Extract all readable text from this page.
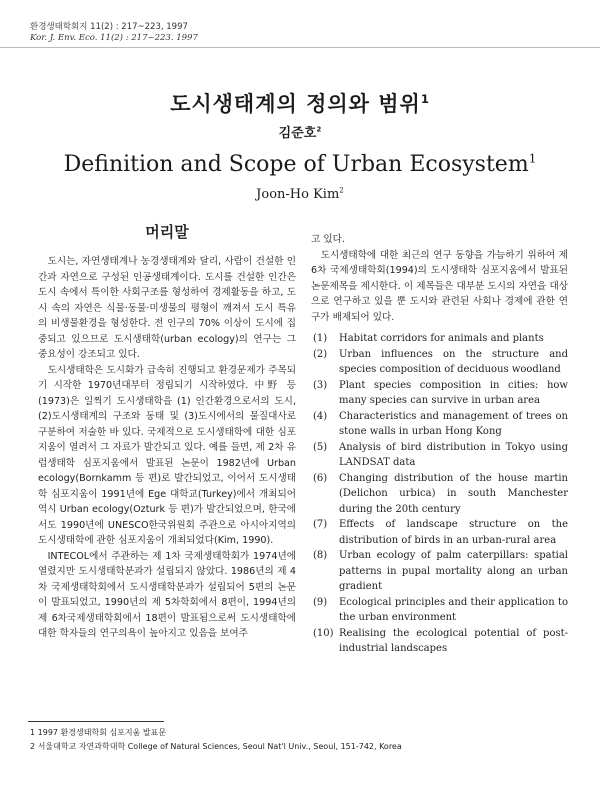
환경생태학회지 11(2) : 217~223, 1997
Kor. J. Env. Eco. 11(2) : 217~223. 1997
도시생태계의 정의와 범위$^1$
김준호$^2$
Definition and Scope of Urban Ecosystem$^1$
Joon-Ho Kim$^2$
머리말

도시는, 자연생태계나 농경생태계와 달리, 사람이 건설한 인간과 자연으로 구성된 인공생태계이다. 도시를 건설한 인간은 도시 속에서 특이한 사회구조를 형성하여 경제활동을 하고, 도시 속의 자연은 식물·동물·미생물의 평형이 깨져서 도시 특유의 비생물환경을 형성한다. 전 인구의 70% 이상이 도시에 집중되고 있으므로 도시생태학(urban ecology)의 연구는 그 중요성이 강조되고 있다.

도시생태학은 도시화가 급속히 진행되고 환경문제가 주목되기 시작한 1970년대부터 정립되기 시작하였다. 中野 등(1973)은 일찍기 도시생태학을 (1) 인간환경으로서의 도시, (2)도시생태계의 구조와 동태 및 (3)도시에서의 물질대사로 구분하여 저술한 바 있다. 국제적으로 도시생태학에 대한 심포지움이 열려서 그 자료가 발간되고 있다. 예를 들면, 제 2차 유럽생태학 심포지움에서 발표된 논문이 1982년에 Urban ecology(Bornkamm 등 편)로 발간되었고, 이어서 도시생태학 심포지움이 1991년에 Ege 대학교(Turkey)에서 개최되어 역시 Urban ecology(Ozturk 등 편)가 발간되었으며, 한국에서도 1990년에 UNESCO한국위원회 주관으로 아시아지역의 도시생태학에 관한 심포지움이 개최되었다(Kim, 1990).

INTECOL에서 주관하는 제 1차 국제생태학회가 1974년에 열렸지만 도시생태학분과가 설립되지 않았다. 1986년의 제 4차 국제생태학회에서 도시생태학분과가 설립되어 5편의 논문이 발표되었고, 1990년의 제 5차학회에서 8편이, 1994년의 제 6차국제생태학회에서 18편이 발표됨으로써 도시생태학에 대한 학자들의 연구의욕이 높아지고 있음을 보여주

고 있다.

도시생태학에 대한 최근의 연구 동향을 가늠하기 위하여 제 6차 국제생태학회(1994)의 도시생태학 심포지움에서 발표된 논문제목을 제시한다. 이 제목들은 대부분 도시의 자연을 대상으로 연구하고 있을 뿐 도시와 관련된 사회나 경제에 관한 연구가 배제되어 있다.

(1) Habitat corridors for animals and plants
(2) Urban influences on the structure and species composition of deciduous woodland
(3) Plant species composition in cities: how many species can survive in urban area
(4) Characteristics and management of trees on stone walls in urban Hong Kong
(5) Analysis of bird distribution in Tokyo using LANDSAT data
(6) Changing distribution of the house martin (Delichon urbica) in south Manchester during the 20th century
(7) Effects of landscape structure on the distribution of birds in an urban-rural area
(8) Urban ecology of palm caterpillars: spatial patterns in pupal mortality along an urban gradient
(9) Ecological principles and their application to the urban environment
(10) Realising the ecological potential of post-industrial landscapes
1 1997 환경생태학회 심포지움 발표문
2 서울대학교 자연과학대학 College of Natural Sciences, Seoul Nat'l Univ., Seoul, 151-742, Korea
